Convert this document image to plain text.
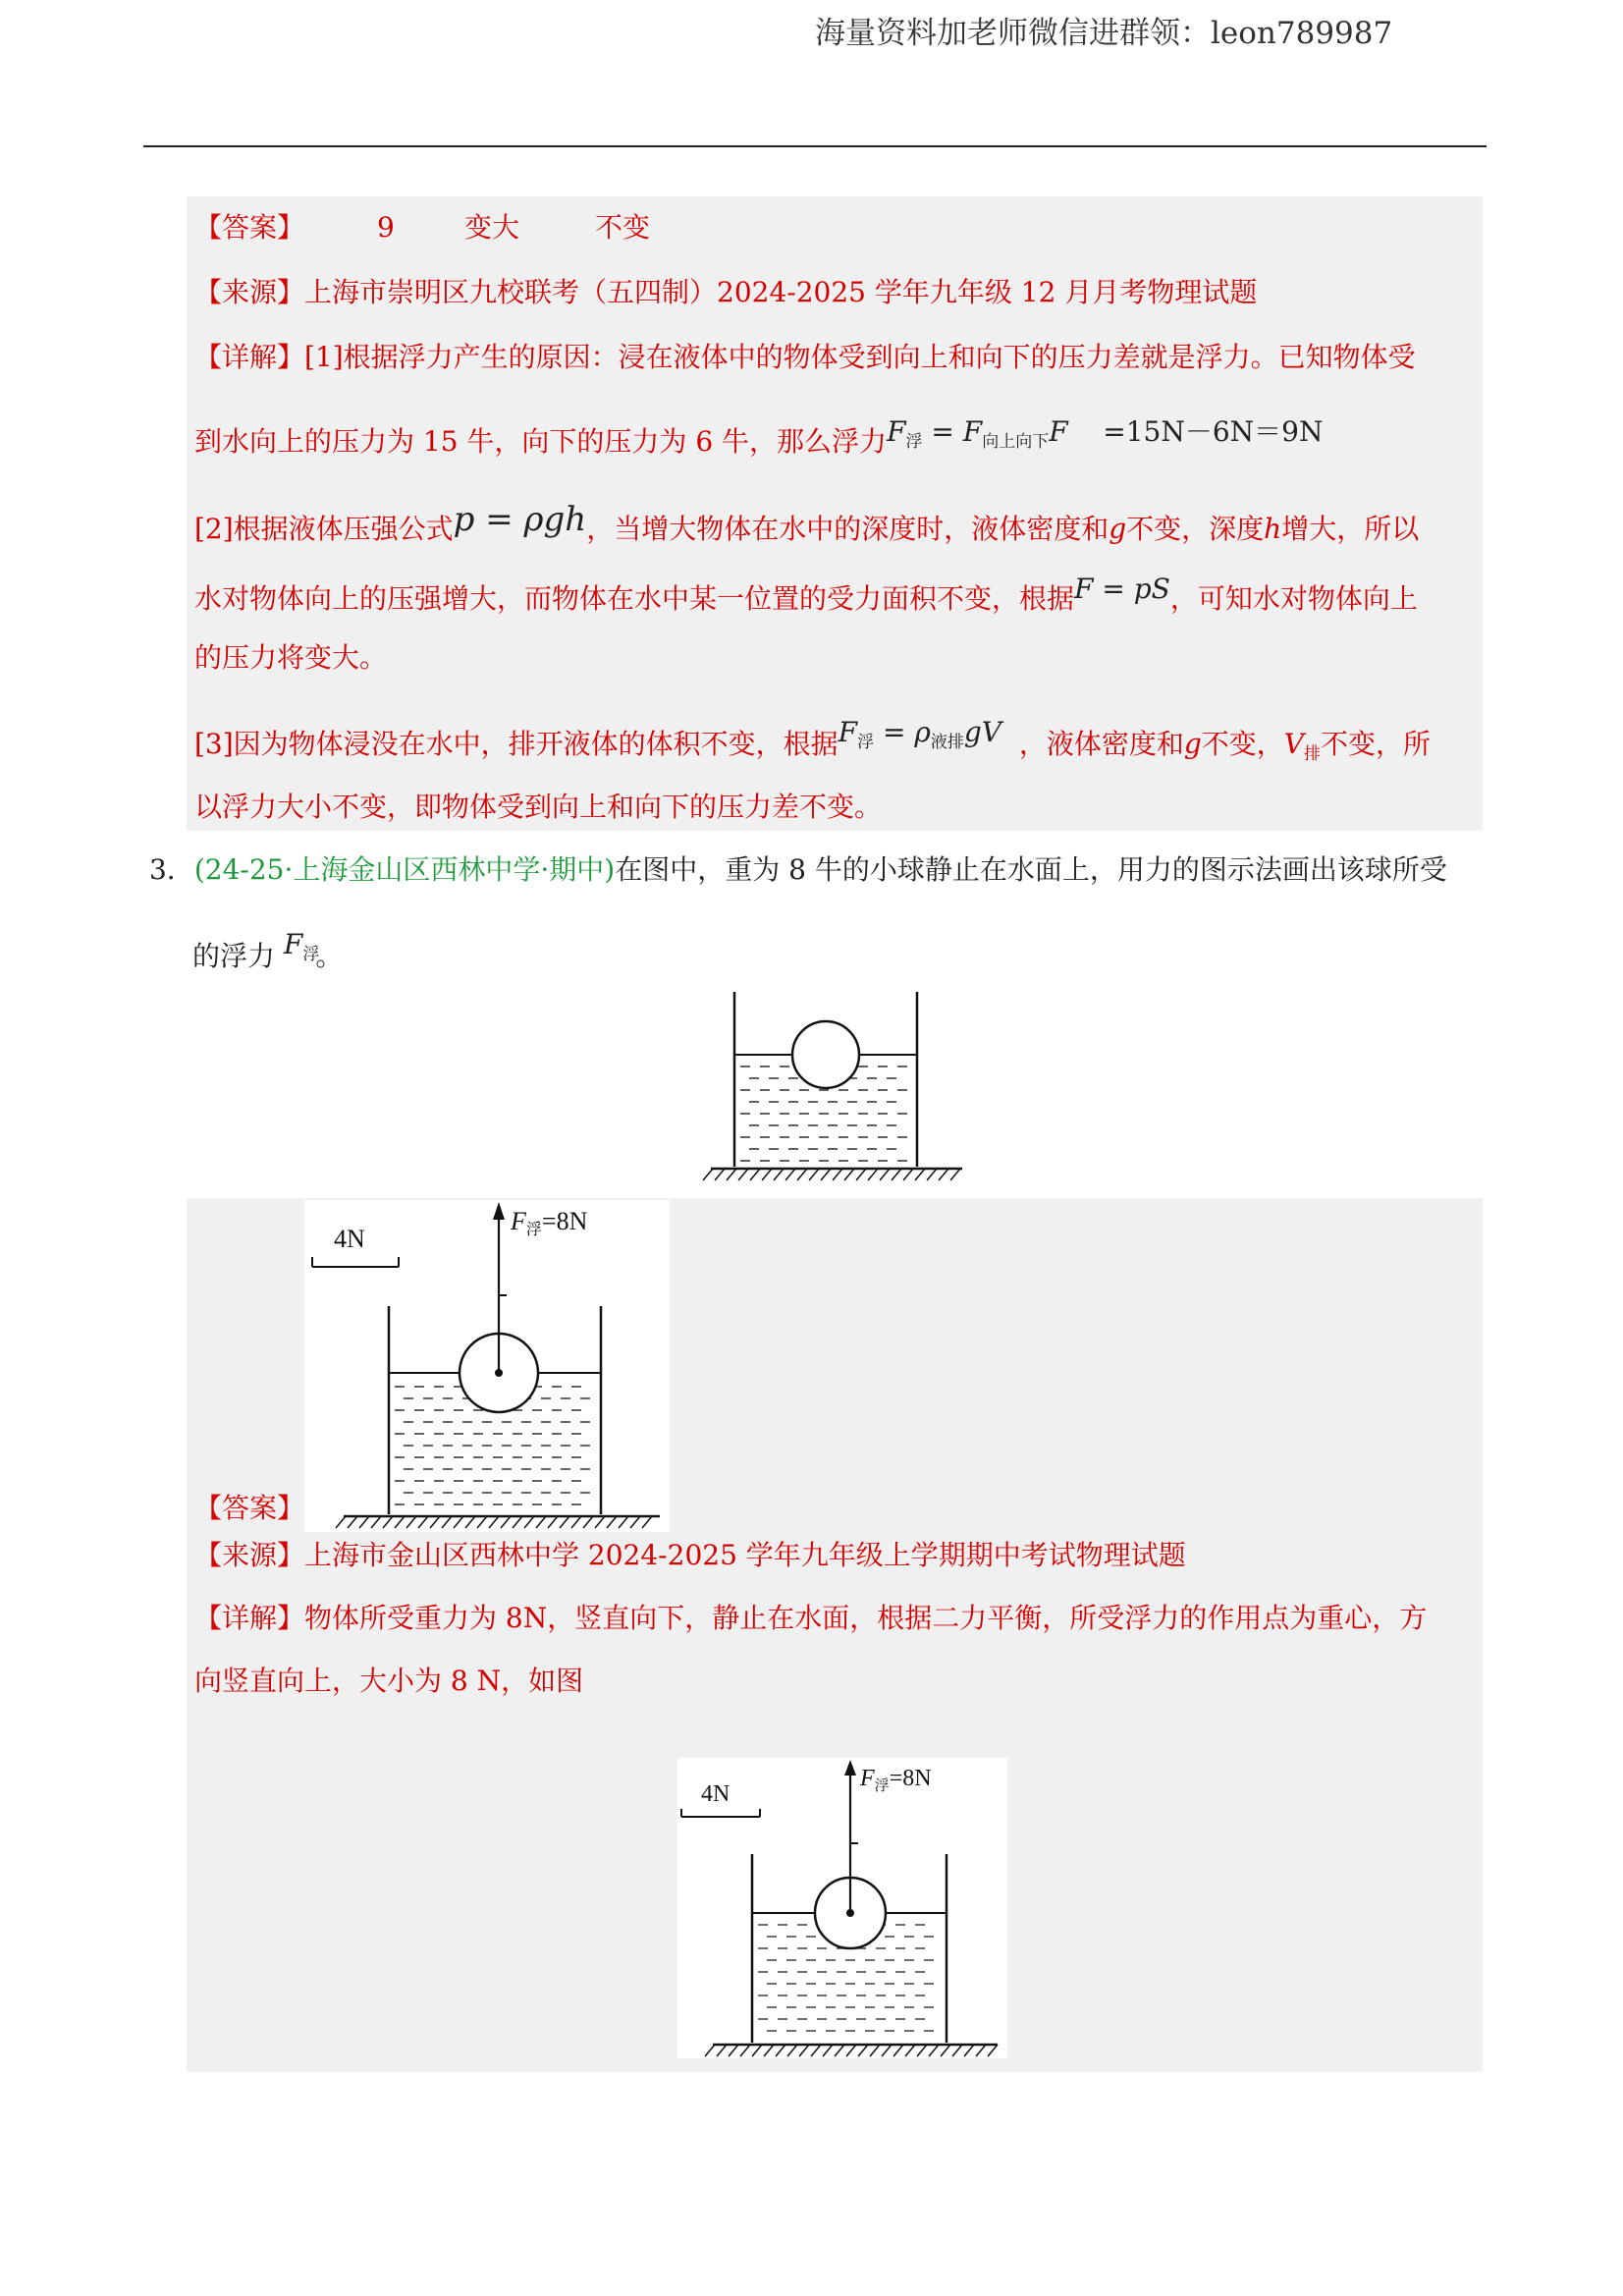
海量资料加老师微信进群领：leon789987
【答案】	9	变大	不变
【来源】上海市崇明区九校联考（五四制）2024-2025 学年九年级 12 月月考物理试题
【详解】[1]根据浮力产生的原因：浸在液体中的物体受到向上和向下的压力差就是浮力。已知物体受
到水向上的压力为 15 牛，向下的压力为 6 牛，那么浮力$F_浮 = F_{向上向下}F =15N-6N=9N$
[2]根据液体压强公式p = ρgh，当增大物体在水中的深度时，液体密度和g不变，深度h增大，所以
水对物体向上的压强增大，而物体在水中某一位置的受力面积不变，根据F = pS，可知水对物体向上
的压力将变大。
[3]因为物体浸没在水中，排开液体的体积不变，根据$F_浮 = \rho_{液排}gV$ ，液体密度和g不变，$V_排$不变，所
以浮力大小不变，即物体受到向上和向下的压力差不变。
3．(24-25·上海金山区西林中学·期中)在图中，重为 8 牛的小球静止在水面上，用力的图示法画出该球所受
的浮力 $F_浮$。
4N
F浮=8N
【答案】
【来源】上海市金山区西林中学 2024-2025 学年九年级上学期期中考试物理试题
【详解】物体所受重力为 8N，竖直向下，静止在水面，根据二力平衡，所受浮力的作用点为重心，方
向竖直向上，大小为 8 N，如图
4N
$F_浮=8N$
